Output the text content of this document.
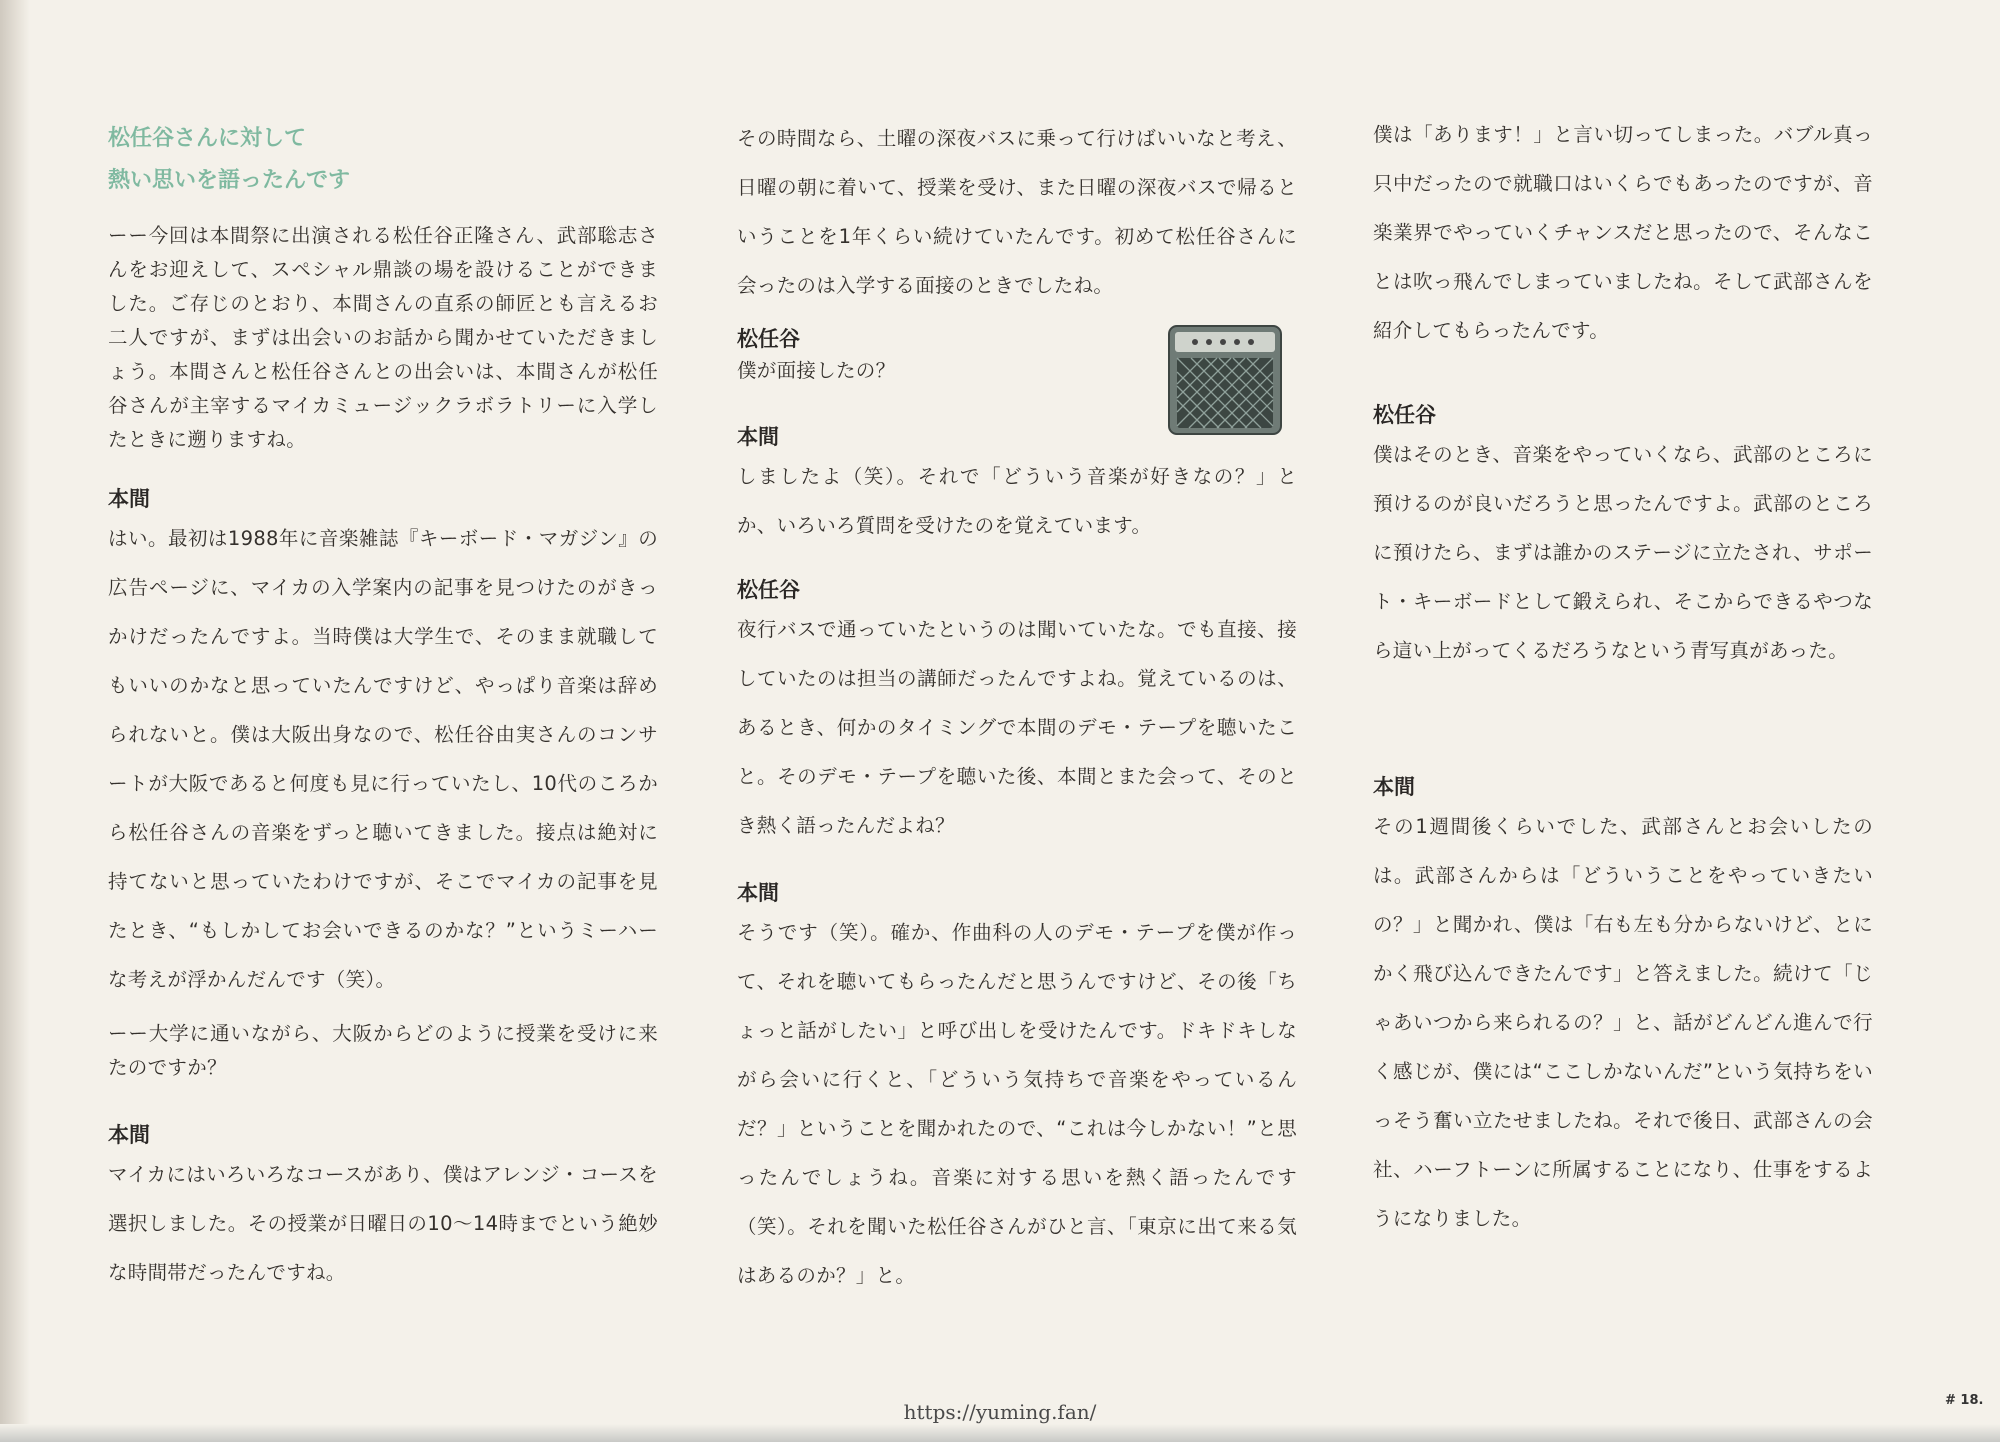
松任谷さんに対して
熱い思いを語ったんです

ーー今回は本間祭に出演される松任谷正隆さん、武部聡志さんをお迎えして、スペシャル鼎談の場を設けることができました。ご存じのとおり、本間さんの直系の師匠とも言えるお二人ですが、まずは出会いのお話から聞かせていただきましょう。本間さんと松任谷さんとの出会いは、本間さんが松任谷さんが主宰するマイカミュージックラボラトリーに入学したときに遡りますね。

本間

はい。最初は1988年に音楽雑誌『キーボード・マガジン』の広告ページに、マイカの入学案内の記事を見つけたのがきっかけだったんですよ。当時僕は大学生で、そのまま就職してもいいのかなと思っていたんですけど、やっぱり音楽は辞められないと。僕は大阪出身なので、松任谷由実さんのコンサートが大阪であると何度も見に行っていたし、10代のころから松任谷さんの音楽をずっと聴いてきました。接点は絶対に持てないと思っていたわけですが、そこでマイカの記事を見たとき、“もしかしてお会いできるのかな？”というミーハーな考えが浮かんだんです（笑）。

ーー大学に通いながら、大阪からどのように授業を受けに来たのですか？

本間

マイカにはいろいろなコースがあり、僕はアレンジ・コースを選択しました。その授業が日曜日の10〜14時までという絶妙な時間帯だったんですね。

その時間なら、土曜の深夜バスに乗って行けばいいなと考え、日曜の朝に着いて、授業を受け、また日曜の深夜バスで帰るということを1年くらい続けていたんです。初めて松任谷さんに会ったのは入学する面接のときでしたね。

松任谷

僕が面接したの？

本間

しましたよ（笑）。それで「どういう音楽が好きなの？」とか、いろいろ質問を受けたのを覚えています。

松任谷

夜行バスで通っていたというのは聞いていたな。でも直接、接していたのは担当の講師だったんですよね。覚えているのは、あるとき、何かのタイミングで本間のデモ・テープを聴いたこと。そのデモ・テープを聴いた後、本間とまた会って、そのとき熱く語ったんだよね？

本間

そうです（笑）。確か、作曲科の人のデモ・テープを僕が作って、それを聴いてもらったんだと思うんですけど、その後「ちょっと話がしたい」と呼び出しを受けたんです。ドキドキしながら会いに行くと、「どういう気持ちで音楽をやっているんだ？」ということを聞かれたので、“これは今しかない！”と思ったんでしょうね。音楽に対する思いを熱く語ったんです（笑）。それを聞いた松任谷さんがひと言、「東京に出て来る気はあるのか？」と。

僕は「あります！」と言い切ってしまった。バブル真っ只中だったので就職口はいくらでもあったのですが、音楽業界でやっていくチャンスだと思ったので、そんなことは吹っ飛んでしまっていましたね。そして武部さんを紹介してもらったんです。

松任谷

僕はそのとき、音楽をやっていくなら、武部のところに預けるのが良いだろうと思ったんですよ。武部のところに預けたら、まずは誰かのステージに立たされ、サポート・キーボードとして鍛えられ、そこからできるやつなら這い上がってくるだろうなという青写真があった。

本間

その1週間後くらいでした、武部さんとお会いしたのは。武部さんからは「どういうことをやっていきたいの？」と聞かれ、僕は「右も左も分からないけど、とにかく飛び込んできたんです」と答えました。続けて「じゃあいつから来られるの？」と、話がどんどん進んで行く感じが、僕には“ここしかないんだ”という気持ちをいっそう奮い立たせましたね。それで後日、武部さんの会社、ハーフトーンに所属することになり、仕事をするようになりました。

https://yuming.fan/	# 18.
